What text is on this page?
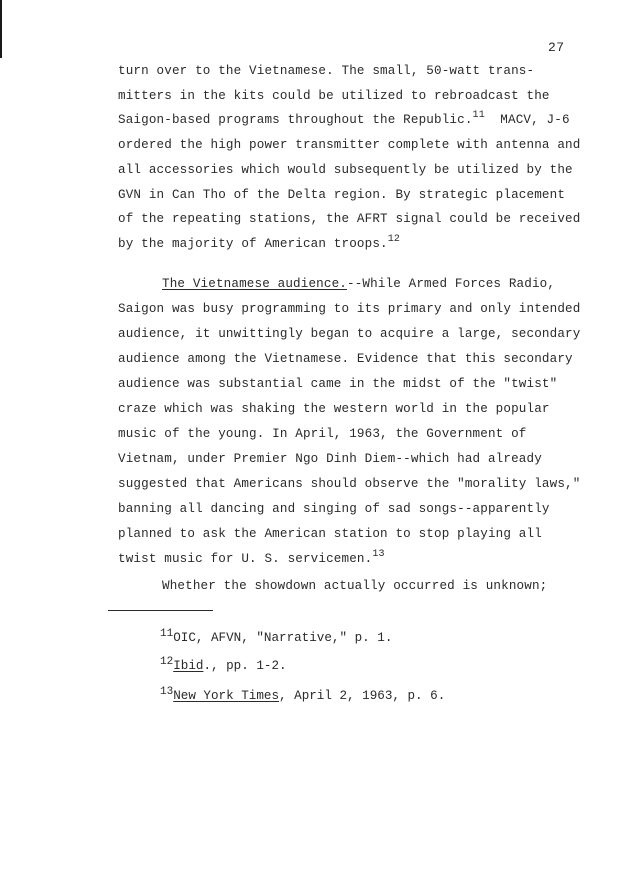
27
turn over to the Vietnamese. The small, 50-watt trans-
mitters in the kits could be utilized to rebroadcast the
Saigon-based programs throughout the Republic.$^{11}$ MACV, J-6
ordered the high power transmitter complete with antenna and
all accessories which would subsequently be utilized by the
GVN in Can Tho of the Delta region. By strategic placement
of the repeating stations, the AFRT signal could be received
by the majority of American troops.$^{12}$
The Vietnamese audience.--While Armed Forces Radio,
Saigon was busy programming to its primary and only intended
audience, it unwittingly began to acquire a large, secondary
audience among the Vietnamese. Evidence that this secondary
audience was substantial came in the midst of the "twist"
craze which was shaking the western world in the popular
music of the young. In April, 1963, the Government of
Vietnam, under Premier Ngo Dinh Diem--which had already
suggested that Americans should observe the "morality laws,"
banning all dancing and singing of sad songs--apparently
planned to ask the American station to stop playing all
twist music for U. S. servicemen.$^{13}$
Whether the showdown actually occurred is unknown;
11OIC, AFVN, "Narrative," p. 1.
12Ibid., pp. 1-2.
13New York Times, April 2, 1963, p. 6.
